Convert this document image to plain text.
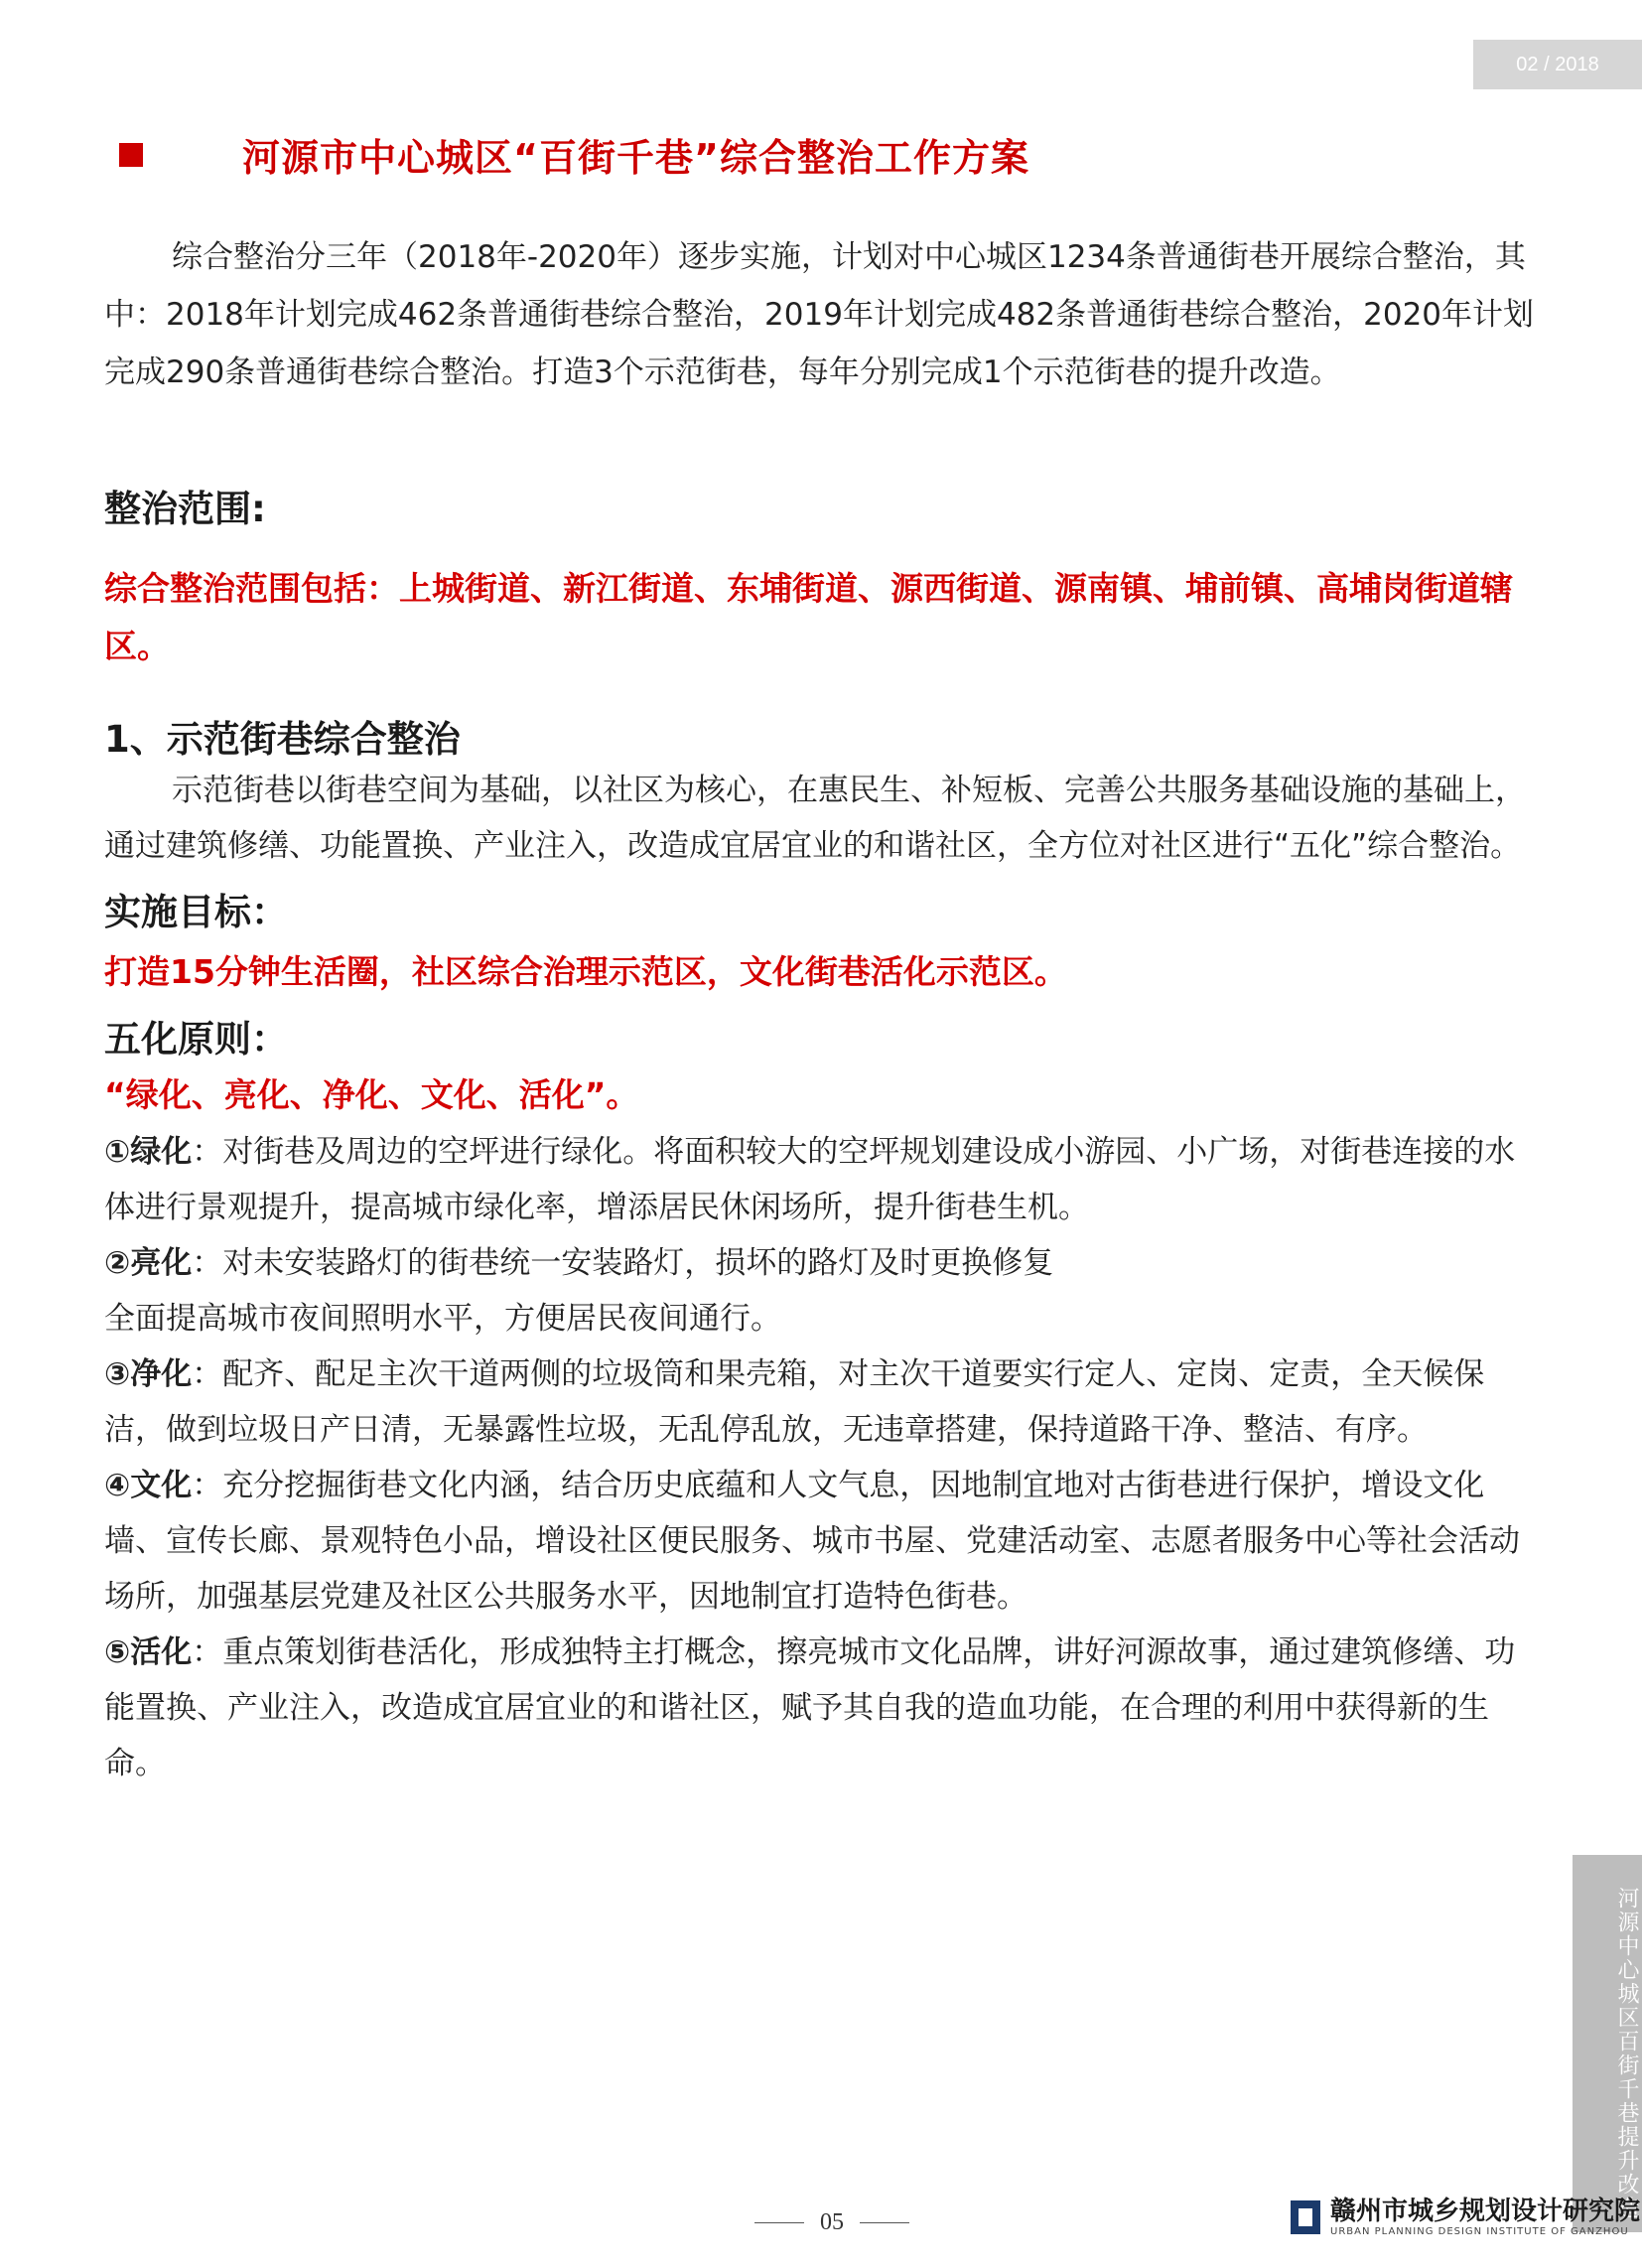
02 / 2018
河源市中心城区“百街千巷”综合整治工作方案

综合整治分三年（2018年-2020年）逐步实施，计划对中心城区1234条普通街巷开展综合整治，其中：2018年计划完成462条普通街巷综合整治，2019年计划完成482条普通街巷综合整治，2020年计划完成290条普通街巷综合整治。打造3个示范街巷，每年分别完成1个示范街巷的提升改造。

整治范围:

综合整治范围包括：上城街道、新江街道、东埔街道、源西街道、源南镇、埔前镇、高埔岗街道辖区。

1、示范街巷综合整治

示范街巷以街巷空间为基础，以社区为核心，在惠民生、补短板、完善公共服务基础设施的基础上，通过建筑修缮、功能置换、产业注入，改造成宜居宜业的和谐社区，全方位对社区进行“五化”综合整治。

实施目标：

打造15分钟生活圈，社区综合治理示范区，文化街巷活化示范区。

五化原则：

“绿化、亮化、净化、文化、活化”。

①绿化：对街巷及周边的空坪进行绿化。将面积较大的空坪规划建设成小游园、小广场，对街巷连接的水体进行景观提升，提高城市绿化率，增添居民休闲场所，提升街巷生机。

②亮化：对未安装路灯的街巷统一安装路灯，损坏的路灯及时更换修复

全面提高城市夜间照明水平，方便居民夜间通行。

③净化：配齐、配足主次干道两侧的垃圾筒和果壳箱，对主次干道要实行定人、定岗、定责，全天候保洁，做到垃圾日产日清，无暴露性垃圾，无乱停乱放，无违章搭建，保持道路干净、整洁、有序。

④文化：充分挖掘街巷文化内涵，结合历史底蕴和人文气息，因地制宜地对古街巷进行保护，增设文化墙、宣传长廊、景观特色小品，增设社区便民服务、城市书屋、党建活动室、志愿者服务中心等社会活动场所，加强基层党建及社区公共服务水平，因地制宜打造特色街巷。

⑤活化：重点策划街巷活化，形成独特主打概念，擦亮城市文化品牌，讲好河源故事，通过建筑修缮、功能置换、产业注入，改造成宜居宜业的和谐社区，赋予其自我的造血功能，在合理的利用中获得新的生命。

河源中心城区百街千巷提升改造
05	赣州市城乡规划设计研究院
URBAN PLANNING DESIGN INSTITUTE OF GANZHOU
